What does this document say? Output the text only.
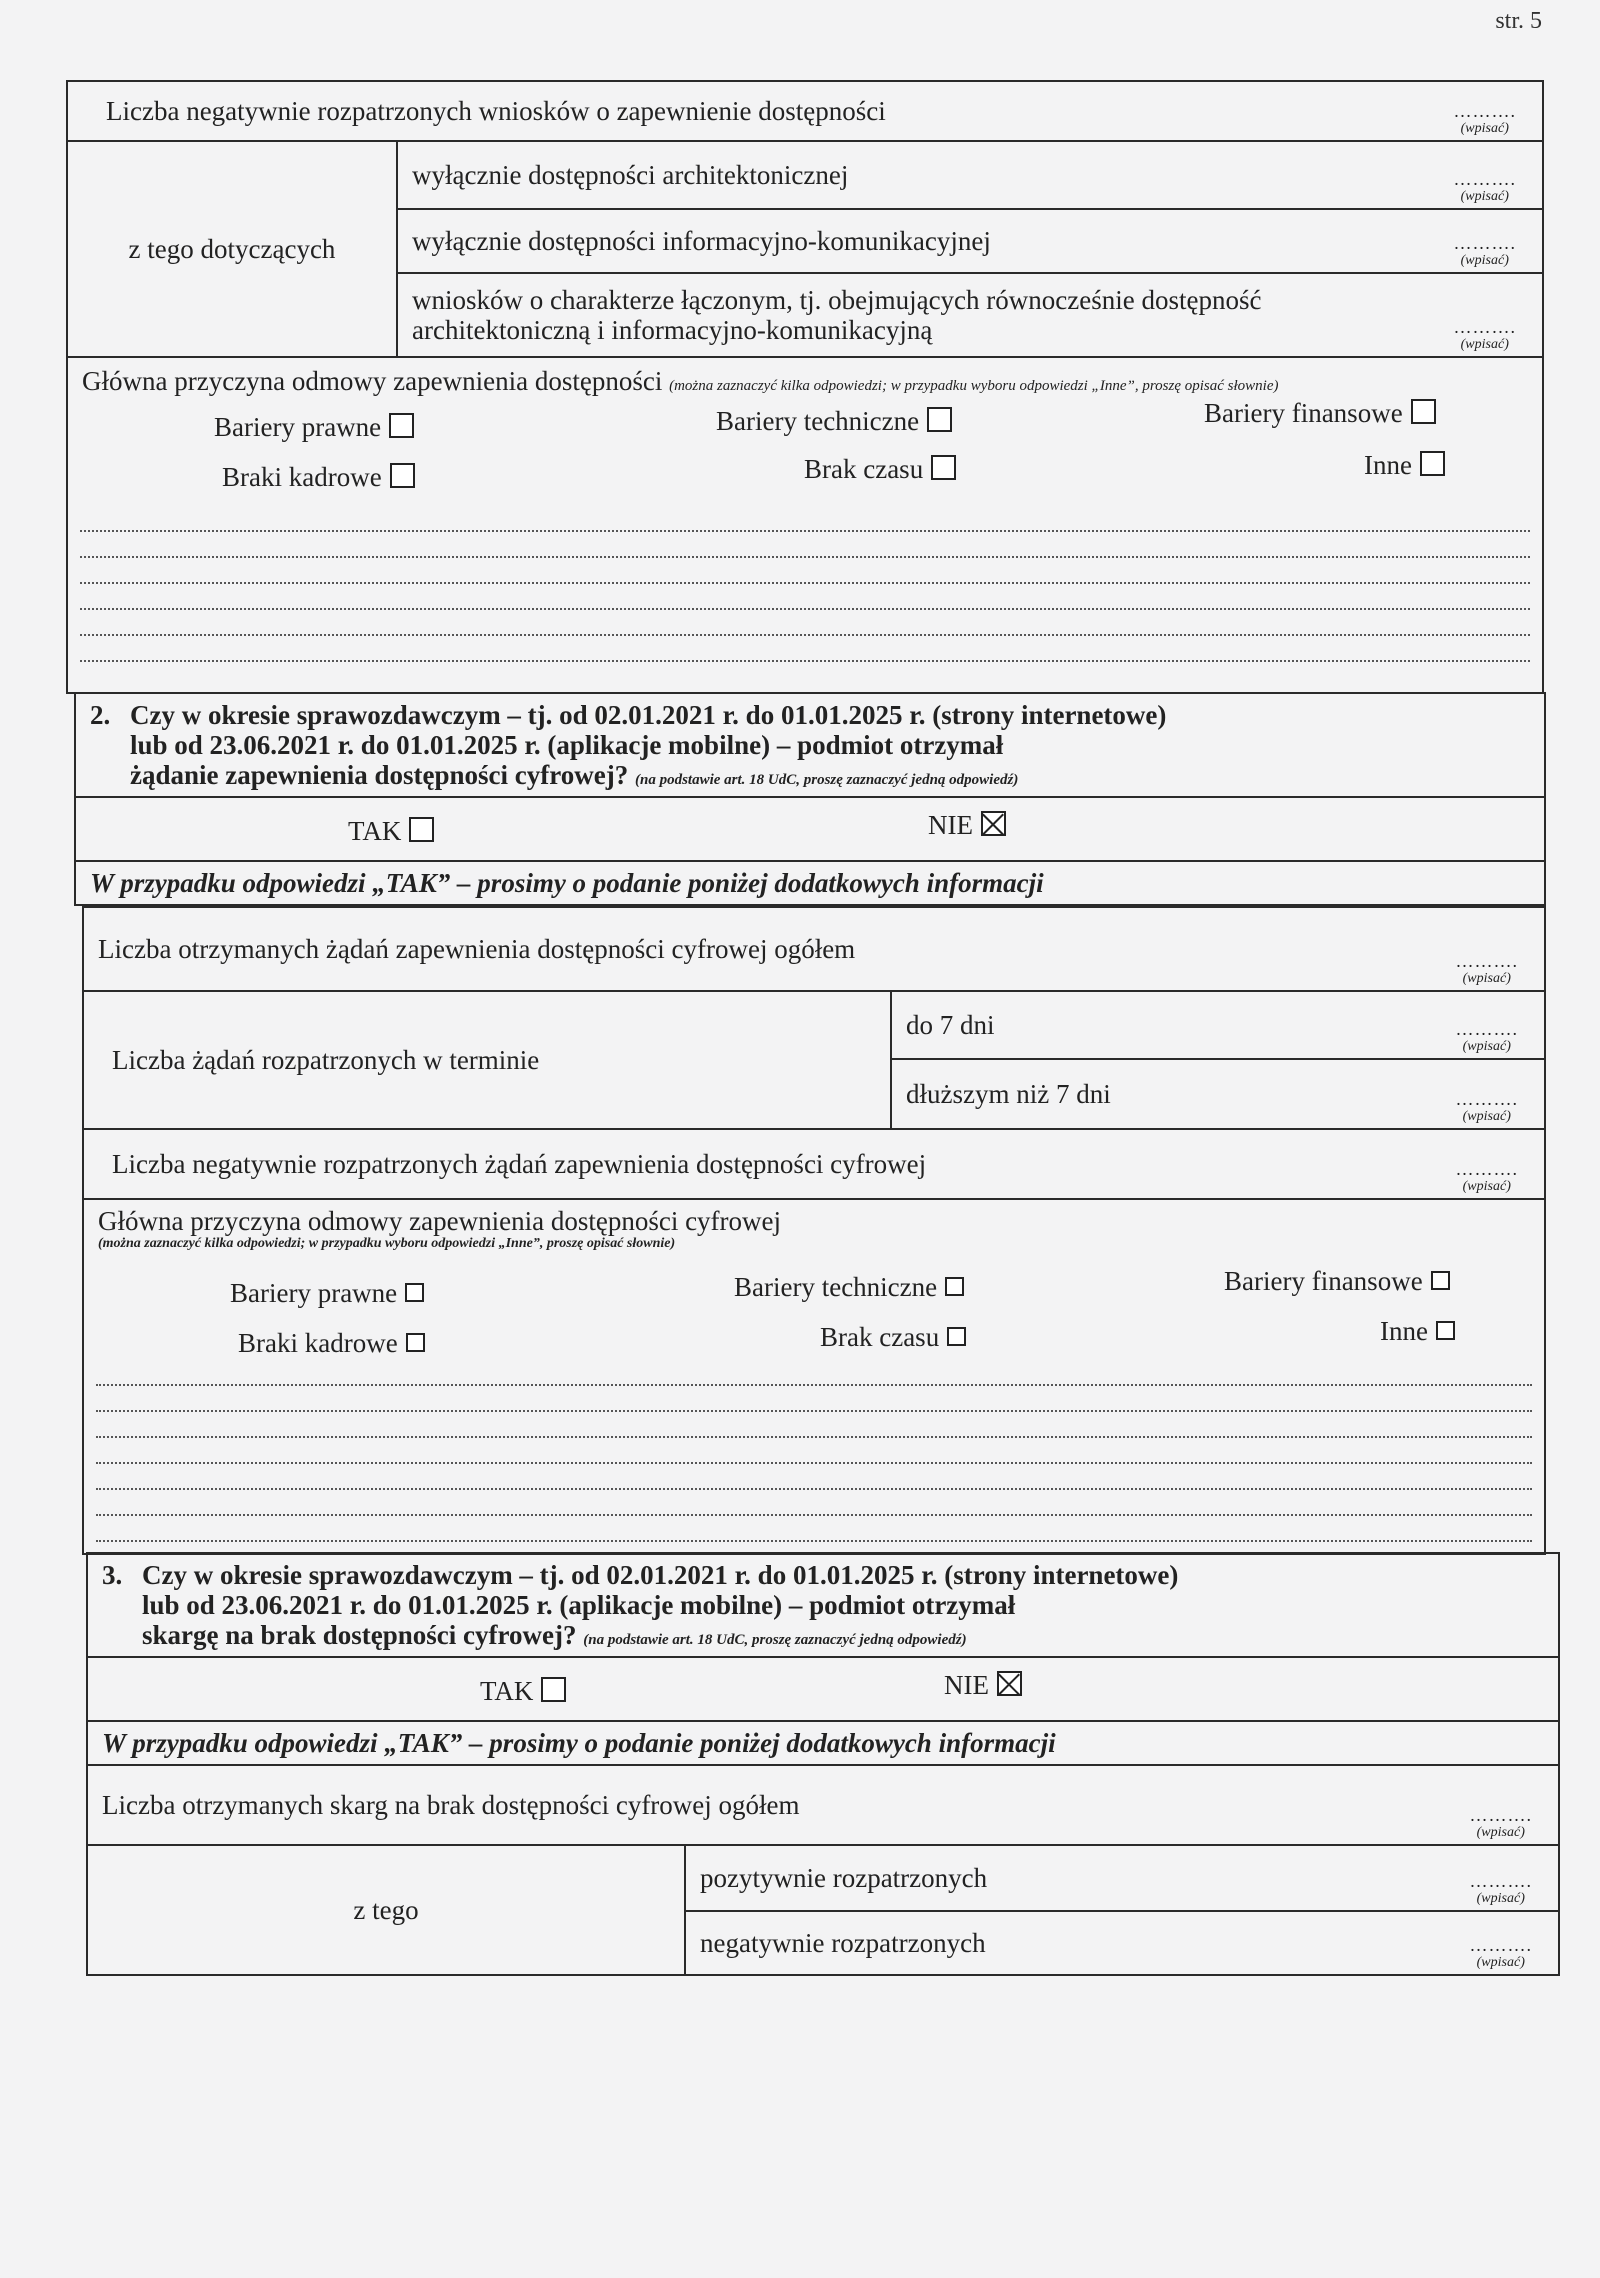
str. 5
Liczba negatywnie rozpatrzonych wniosków o zapewnienie dostępności	……….
(wpisać)

z tego dotyczących	wyłącznie dostępności architektonicznej	……….
(wpisać)

wyłącznie dostępności informacyjno-komunikacyjnej	……….
(wpisać)

wniosków o charakterze łączonym, tj. obejmujących równocześnie dostępność architektoniczną i informacyjno-komunikacyjną	……….
(wpisać)

Główna przyczyna odmowy zapewnienia dostępności (można zaznaczyć kilka odpowiedzi; w przypadku wyboru odpowiedzi „Inne”, proszę opisać słownie)
Bariery prawne	Bariery techniczne	Bariery finansowe
Braki kadrowe	Brak czasu	Inne
2. Czy w okresie sprawozdawczym – tj. od 02.01.2021 r. do 01.01.2025 r. (strony internetowe)
lub od 23.06.2021 r. do 01.01.2025 r. (aplikacje mobilne) – podmiot otrzymał
żądanie zapewnienia dostępności cyfrowej? (na podstawie art. 18 UdC, proszę zaznaczyć jedną odpowiedź)

TAK	NIE

W przypadku odpowiedzi „TAK” – prosimy o podanie poniżej dodatkowych informacji
Liczba otrzymanych żądań zapewnienia dostępności cyfrowej ogółem	……….
(wpisać)

Liczba żądań rozpatrzonych w terminie	do 7 dni	……….
(wpisać)

dłuższym niż 7 dni	……….
(wpisać)

Liczba negatywnie rozpatrzonych żądań zapewnienia dostępności cyfrowej	……….
(wpisać)

Główna przyczyna odmowy zapewnienia dostępności cyfrowej
(można zaznaczyć kilka odpowiedzi; w przypadku wyboru odpowiedzi „Inne”, proszę opisać słownie)
Bariery prawne	Bariery techniczne	Bariery finansowe
Braki kadrowe	Brak czasu	Inne
3. Czy w okresie sprawozdawczym – tj. od 02.01.2021 r. do 01.01.2025 r. (strony internetowe)
lub od 23.06.2021 r. do 01.01.2025 r. (aplikacje mobilne) – podmiot otrzymał
skargę na brak dostępności cyfrowej? (na podstawie art. 18 UdC, proszę zaznaczyć jedną odpowiedź)

TAK	NIE

W przypadku odpowiedzi „TAK” – prosimy o podanie poniżej dodatkowych informacji
Liczba otrzymanych skarg na brak dostępności cyfrowej ogółem	……….
(wpisać)

z tego	pozytywnie rozpatrzonych	……….
(wpisać)

negatywnie rozpatrzonych	……….
(wpisać)
